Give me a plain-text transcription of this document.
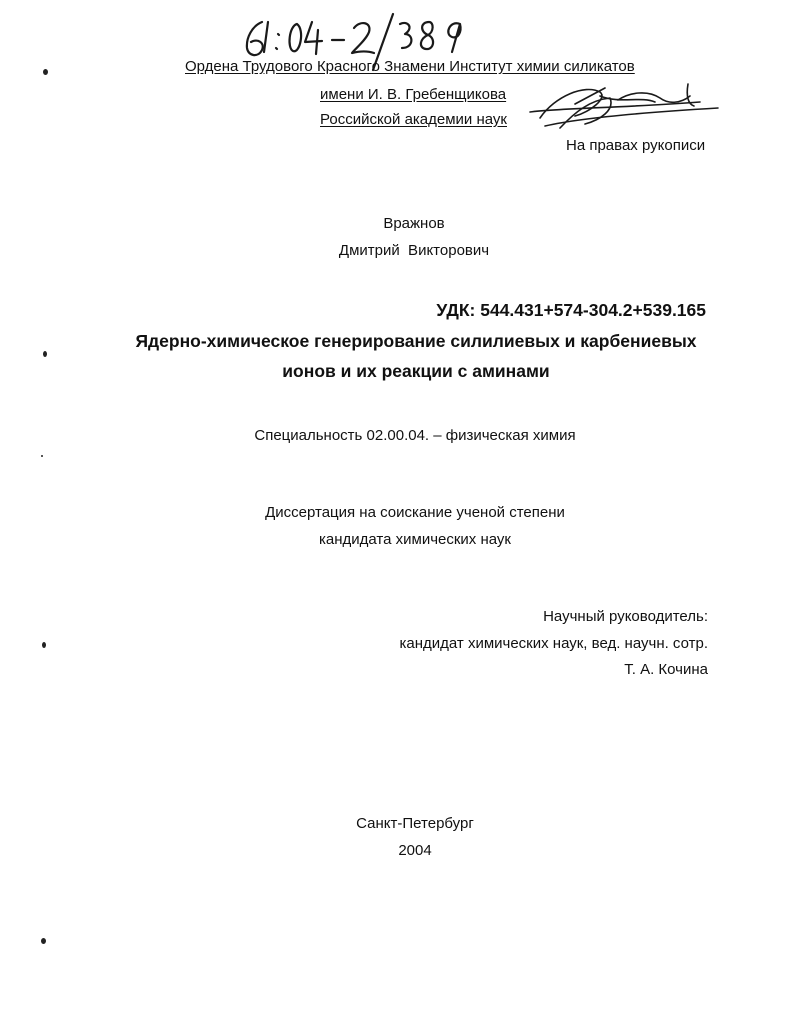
Ордена Трудового Красного Знамени Институт химии силикатов
имени И. В. Гребенщикова
Российской академии наук
На правах рукописи
Вражнов
Дмитрий  Викторович
УДК: 544.431+574-304.2+539.165
Ядерно-химическое генерирование силилиевых и карбениевых
ионов и их реакции с аминами
Специальность 02.00.04. – физическая химия
Диссертация на соискание ученой степени
кандидата химических наук
Научный руководитель:
кандидат химических наук, вед. научн. сотр.
Т. А. Кочина
Санкт-Петербург
2004
